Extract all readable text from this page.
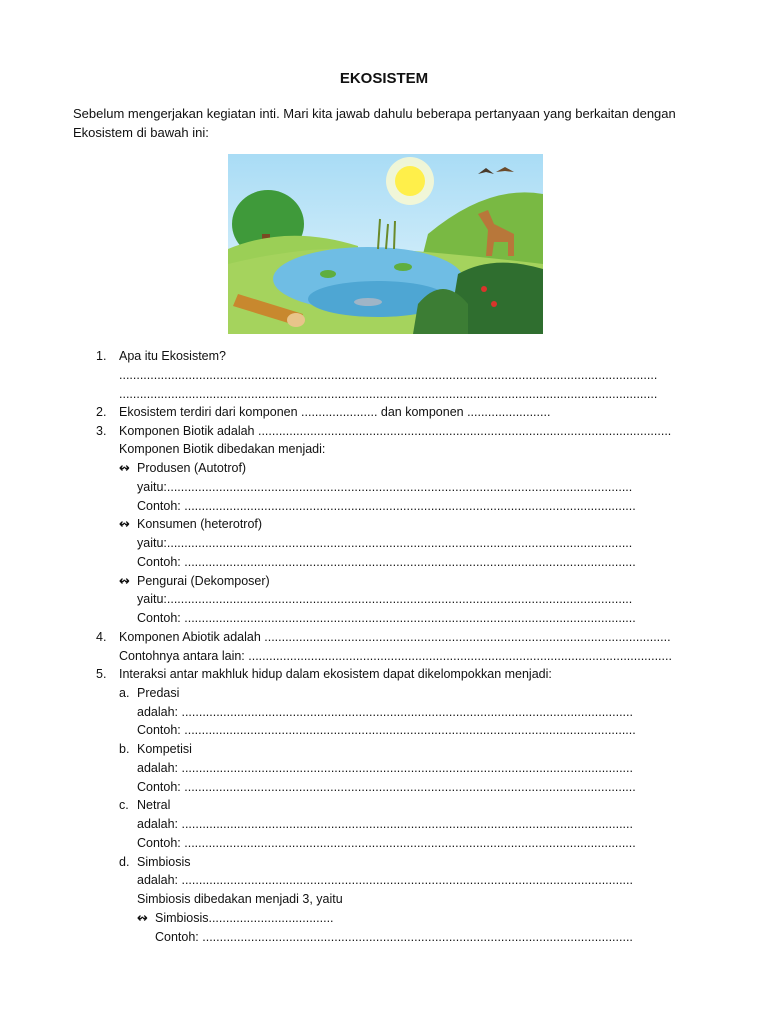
EKOSISTEM
Sebelum mengerjakan kegiatan inti. Mari kita jawab dahulu beberapa pertanyaan yang berkaitan dengan Ekosistem di bawah ini:
1. Apa itu Ekosistem?
...........................................................................................................................................................
...........................................................................................................................................................
2. Ekosistem terdiri dari komponen ...................... dan komponen ........................
3. Komponen Biotik adalah .......................................................................................................................
Komponen Biotik dibedakan menjadi:
↭ Produsen (Autotrof)
yaitu:......................................................................................................................................
Contoh: ..................................................................................................................................
↭ Konsumen (heterotrof)
yaitu:......................................................................................................................................
Contoh: ..................................................................................................................................
↭ Pengurai (Dekomposer)
yaitu:......................................................................................................................................
Contoh: ..................................................................................................................................
4. Komponen Abiotik adalah .....................................................................................................................
Contohnya antara lain: ..........................................................................................................................
5. Interaksi antar makhluk hidup dalam ekosistem dapat dikelompokkan menjadi:
a. Predasi
adalah: ..................................................................................................................................
Contoh: ..................................................................................................................................
b. Kompetisi
adalah: ..................................................................................................................................
Contoh: ..................................................................................................................................
c. Netral
adalah: ..................................................................................................................................
Contoh: ..................................................................................................................................
d. Simbiosis
adalah: ..................................................................................................................................
Simbiosis dibedakan menjadi 3, yaitu
↭ Simbiosis....................................
Contoh: ............................................................................................................................
